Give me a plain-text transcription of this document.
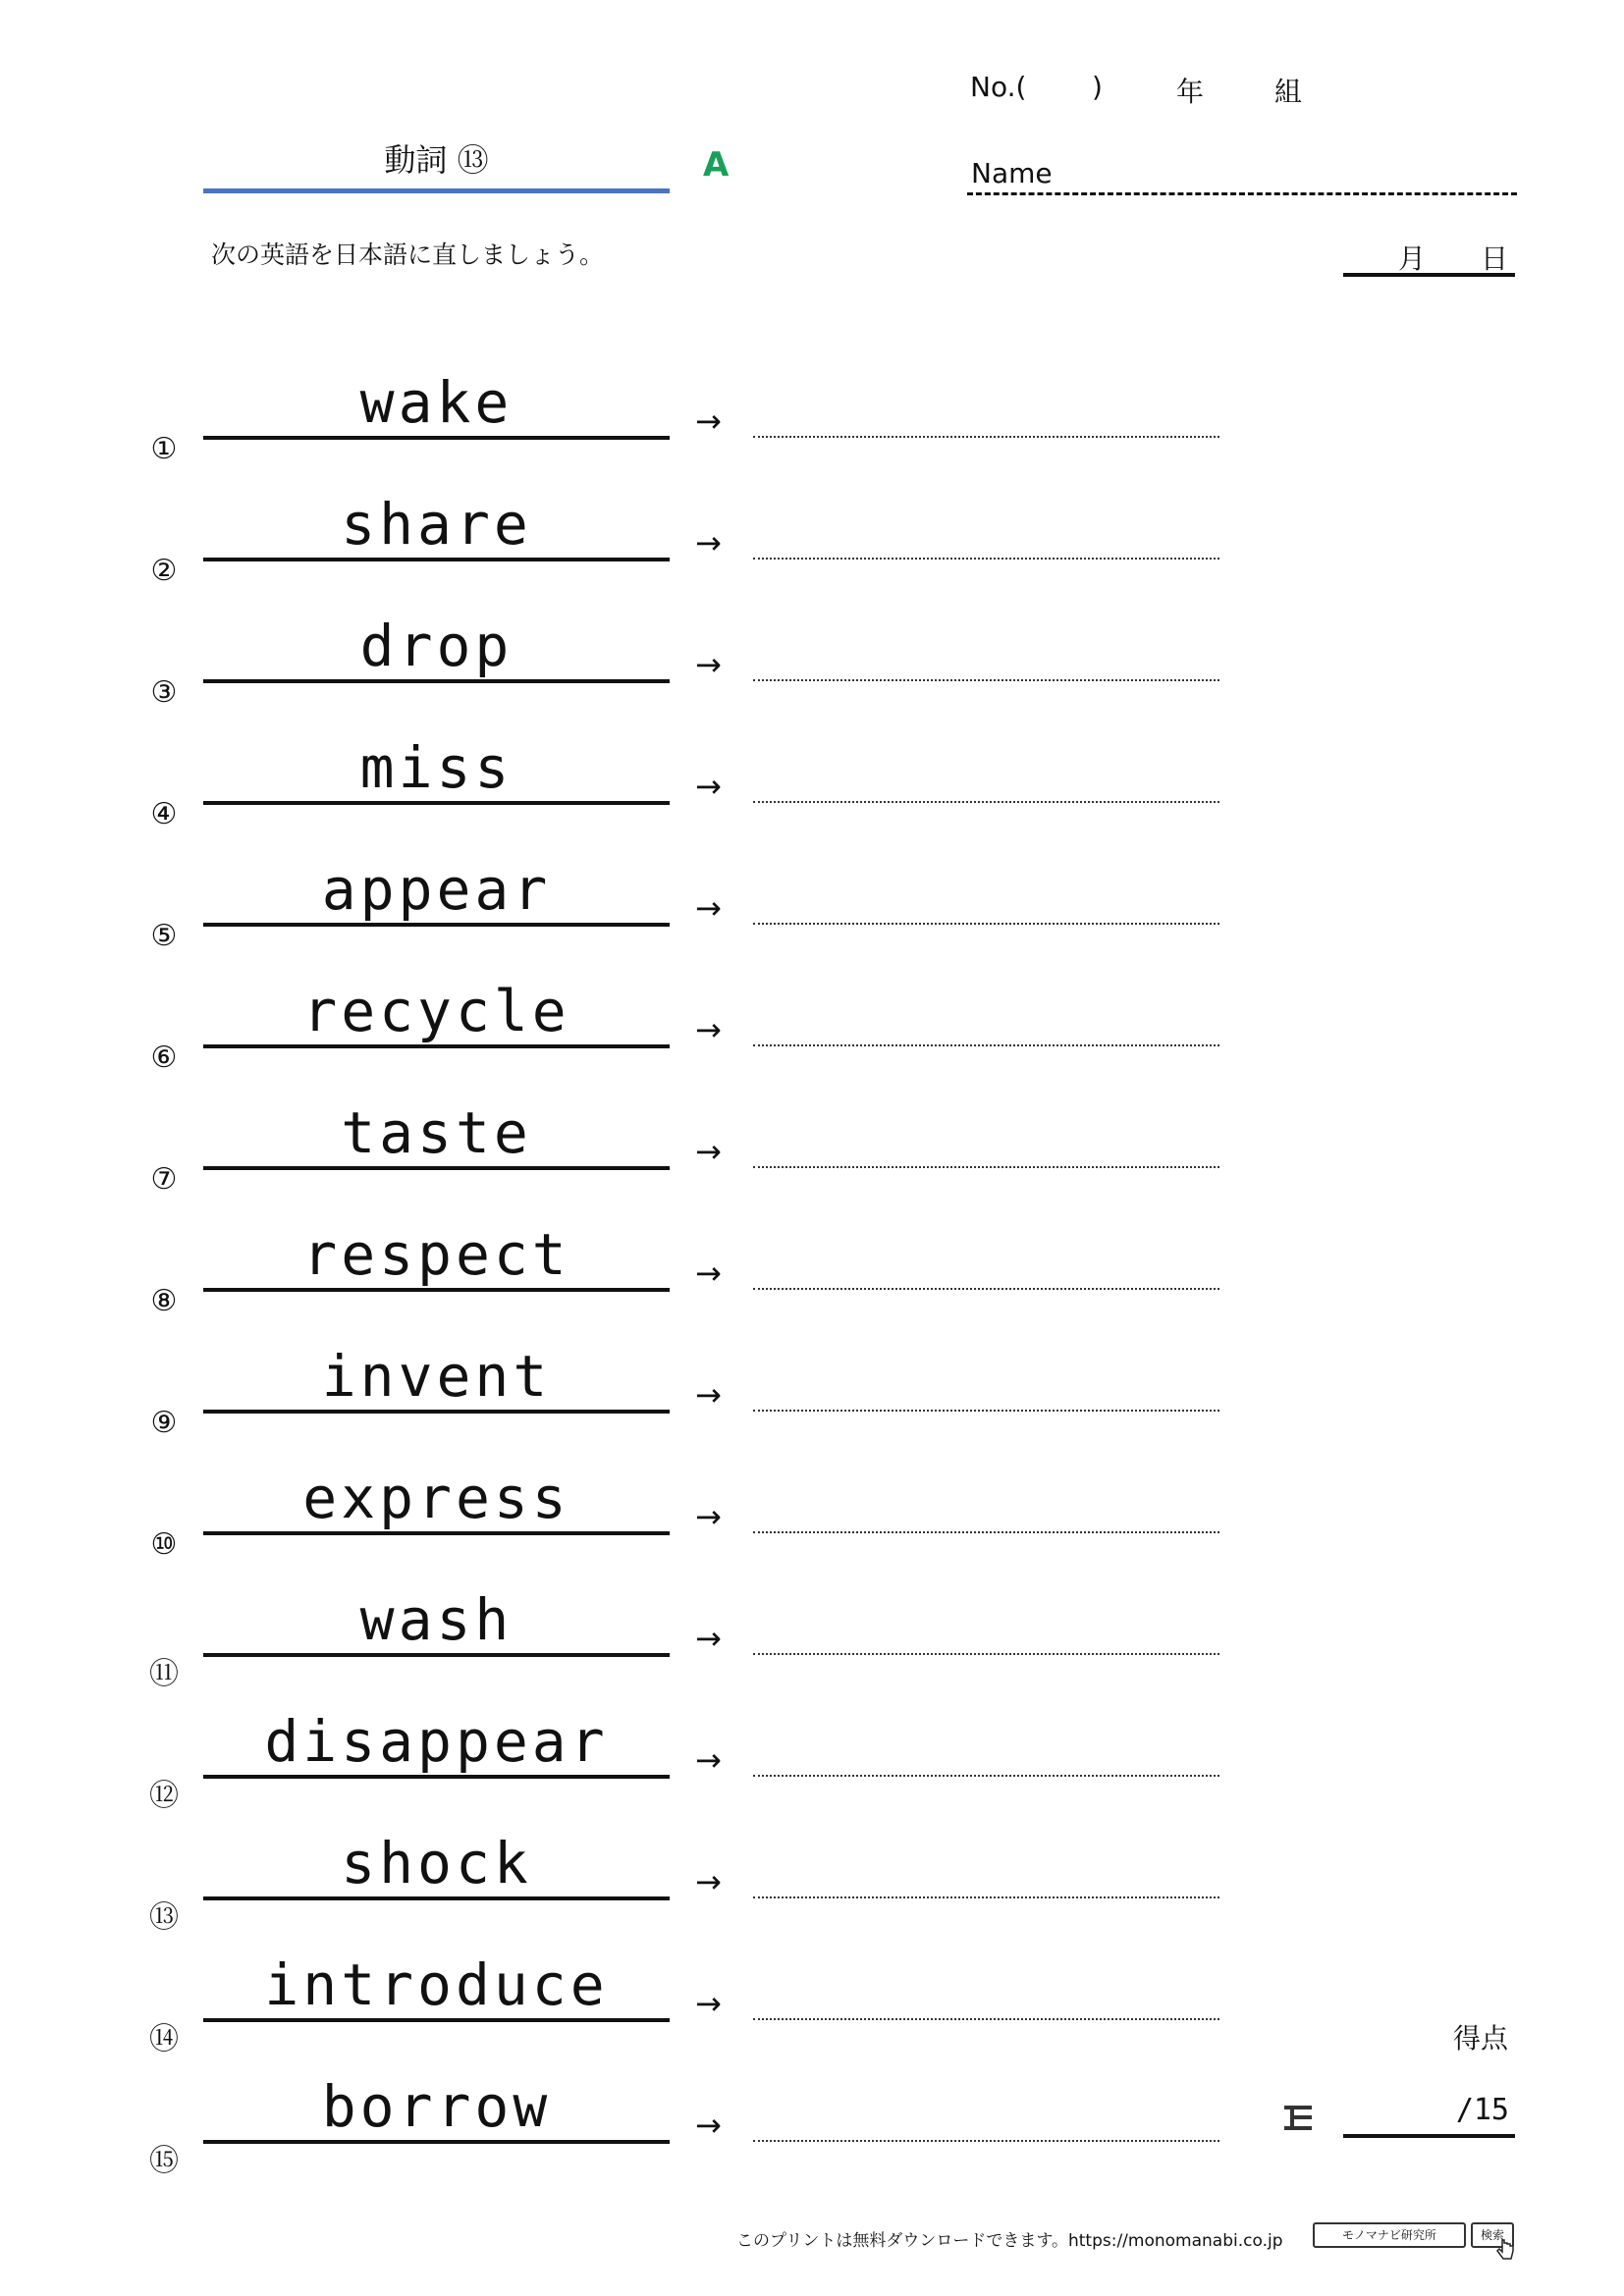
No.( )	年	組
動詞 ⑬	A	Name
次の英語を日本語に直しましょう。	月 日
①
wake	→
②
share	→
③
drop	→
④
miss	→
⑤
appear	→
⑥
recycle	→
⑦
taste	→
⑧
respect	→
⑨
invent	→
⑩
express	→
⑪
wash	→
⑫
disappear	→
⑬
shock	→
⑭
introduce	→
⑮
borrow	→
得点
/15
このプリントは無料ダウンロードできます。https://monomanabi.co.jp	モノマナビ研究所	検索
